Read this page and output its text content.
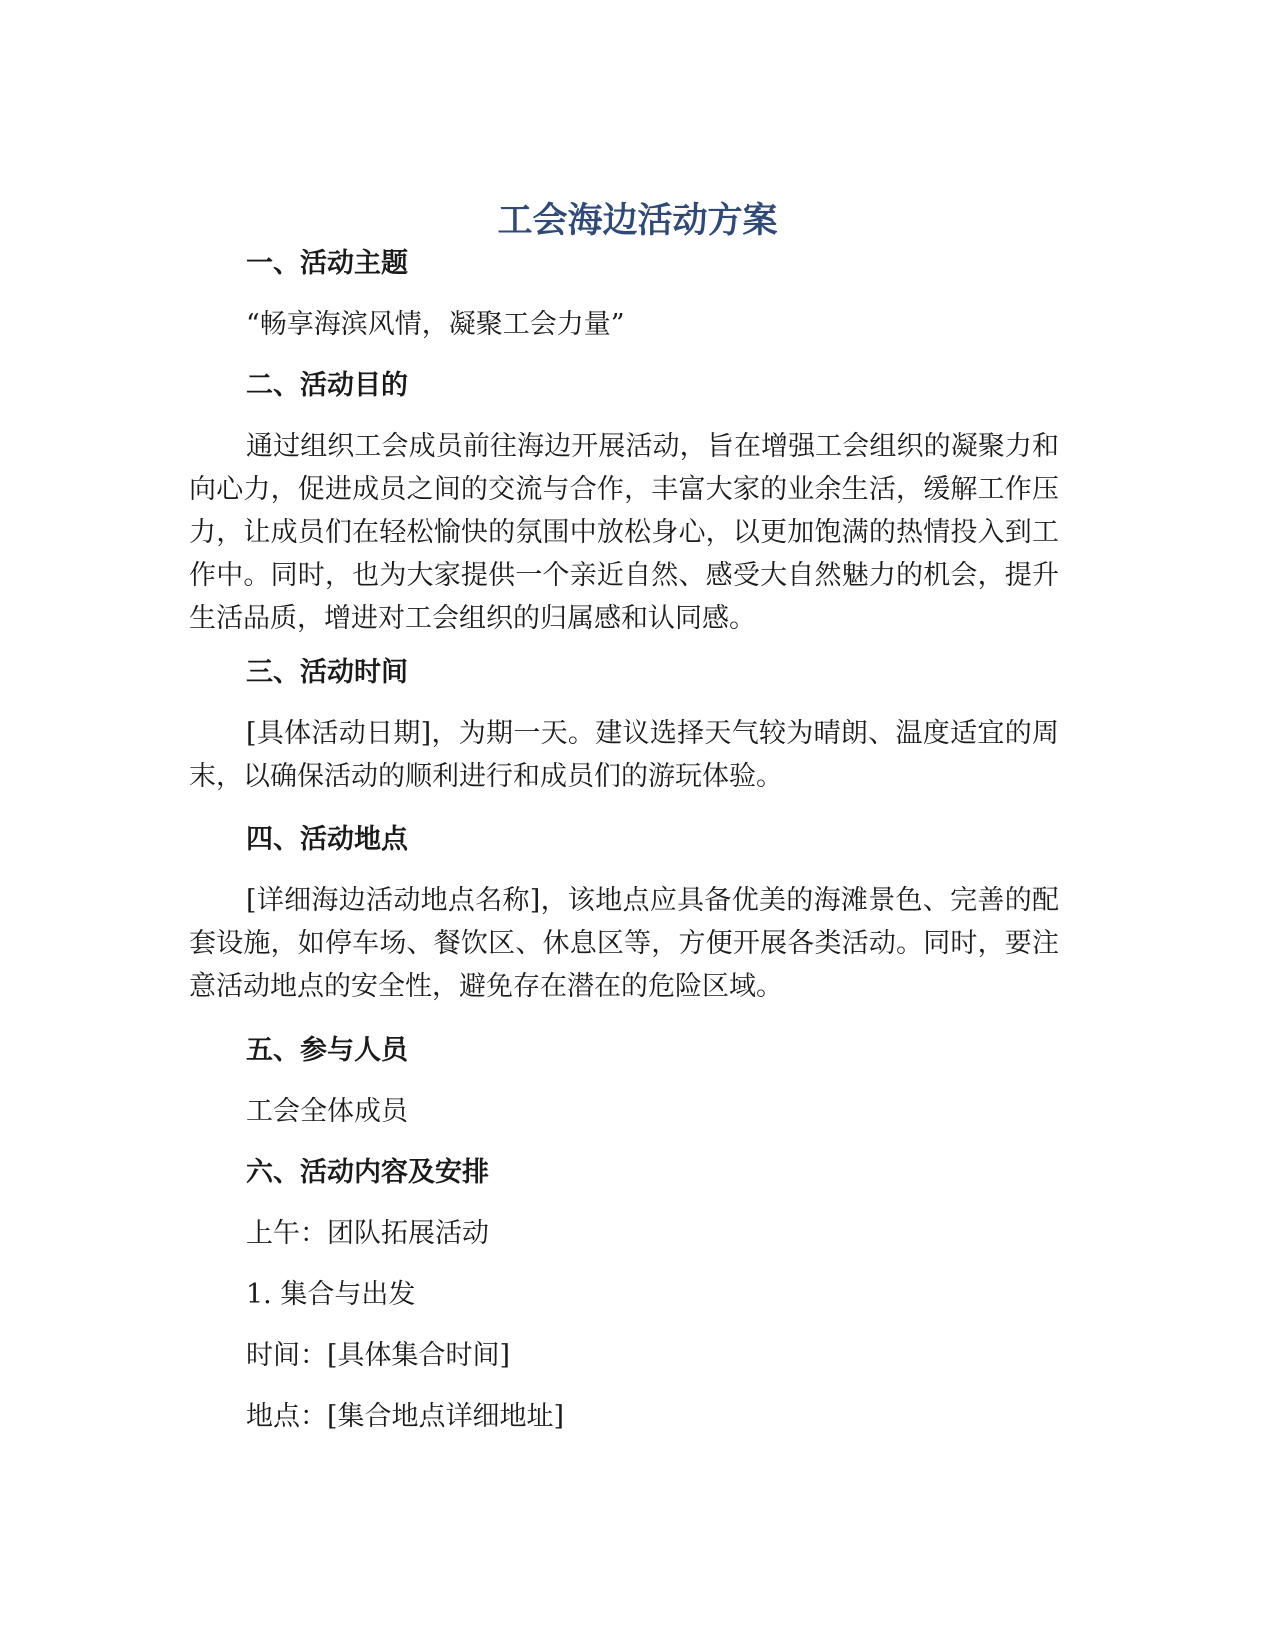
工会海边活动方案
一、活动主题

“畅享海滨风情，凝聚工会力量”

二、活动目的

通过组织工会成员前往海边开展活动，旨在增强工会组织的凝聚力和向心力，促进成员之间的交流与合作，丰富大家的业余生活，缓解工作压力，让成员们在轻松愉快的氛围中放松身心，以更加饱满的热情投入到工作中。同时，也为大家提供一个亲近自然、感受大自然魅力的机会，提升生活品质，增进对工会组织的归属感和认同感。

三、活动时间

[具体活动日期]，为期一天。建议选择天气较为晴朗、温度适宜的周末，以确保活动的顺利进行和成员们的游玩体验。

四、活动地点

[详细海边活动地点名称]，该地点应具备优美的海滩景色、完善的配套设施，如停车场、餐饮区、休息区等，方便开展各类活动。同时，要注意活动地点的安全性，避免存在潜在的危险区域。

五、参与人员

工会全体成员

六、活动内容及安排

上午：团队拓展活动

1. 集合与出发

时间：[具体集合时间]

地点：[集合地点详细地址]
